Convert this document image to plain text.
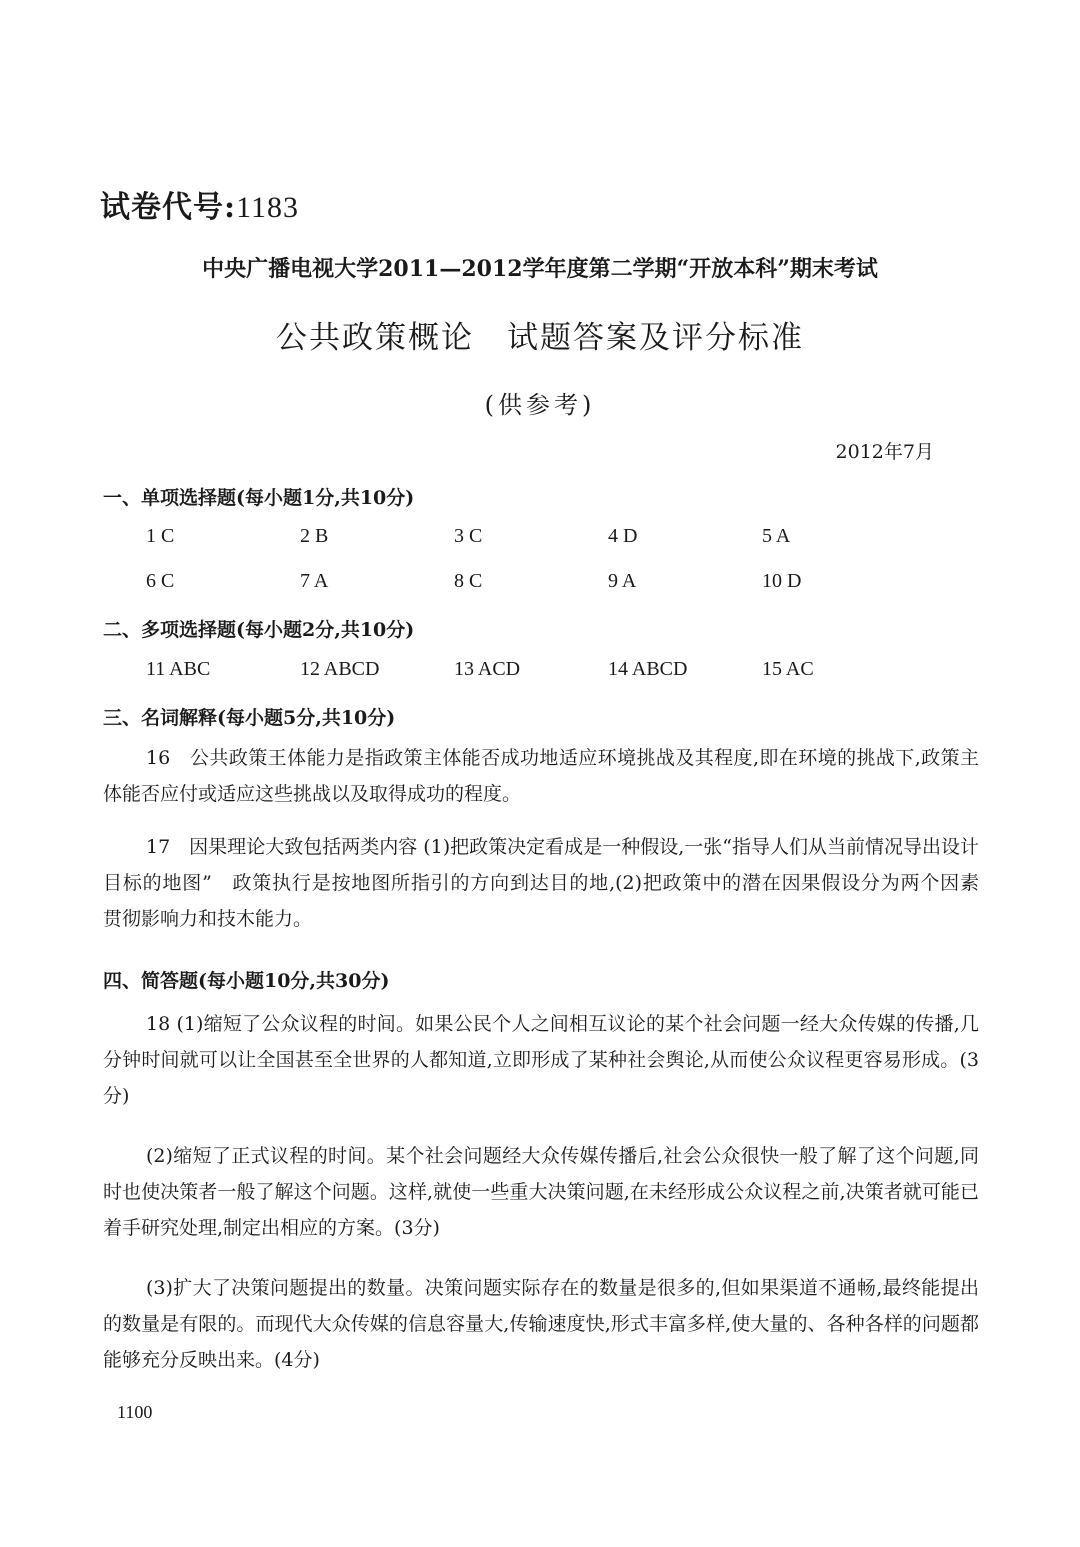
试卷代号:1183
中央广播电视大学2011—2012学年度第二学期“开放本科”期末考试
公共政策概论　试题答案及评分标准
(供参考)
2012年7月
一、单项选择题(每小题1分,共10分)
1 C	2 B	3 C	4 D	5 A
6 C	7 A	8 C	9 A	10 D
二、多项选择题(每小题2分,共10分)
11 ABC	12 ABCD	13 ACD	14 ABCD	15 AC
三、名词解释(每小题5分,共10分)
16　公共政策王体能力是指政策主体能否成功地适应环境挑战及其程度,即在环境的挑战下,政策主体能否应付或适应这些挑战以及取得成功的程度。
17　因果理论大致包括两类内容 (1)把政策决定看成是一种假设,一张“指导人们从当前情况导出设计目标的地图”　政策执行是按地图所指引的方向到达目的地,(2)把政策中的潜在因果假设分为两个因素　贯彻影响力和技木能力。
四、简答题(每小题10分,共30分)
18 (1)缩短了公众议程的时间。如果公民个人之间相互议论的某个社会问题一经大众传媒的传播,几分钟时间就可以让全国甚至全世界的人都知道,立即形成了某种社会舆论,从而使公众议程更容易形成。(3分)
(2)缩短了正式议程的时间。某个社会问题经大众传媒传播后,社会公众很快一般了解了这个问题,同时也使决策者一般了解这个问题。这样,就使一些重大决策问题,在未经形成公众议程之前,决策者就可能已着手研究处理,制定出相应的方案。(3分)
(3)扩大了决策问题提出的数量。决策问题实际存在的数量是很多的,但如果渠道不通畅,最终能提出的数量是有限的。而现代大众传媒的信息容量大,传输速度快,形式丰富多样,使大量的、各种各样的问题都能够充分反映出来。(4分)
1100
